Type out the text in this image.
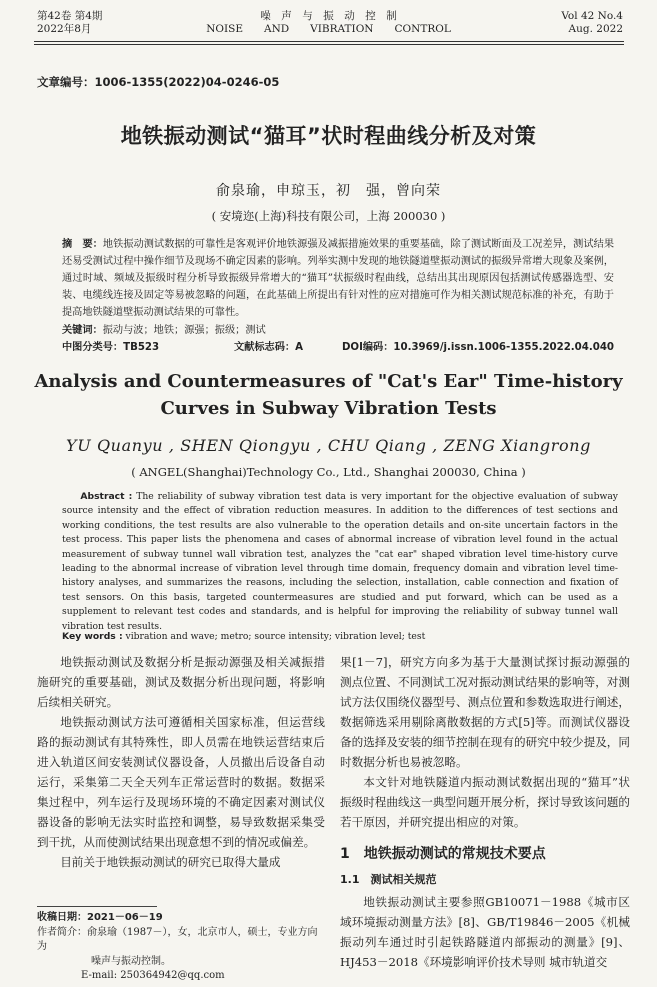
第42卷 第4期
2022年8月
噪　声　与　振　动　控　制
NOISE　　AND　　VIBRATION　　CONTROL
Vol 42 No.4
Aug. 2022
文章编号：1006-1355(2022)04-0246-05
地铁振动测试“猫耳”状时程曲线分析及对策
俞泉瑜，申琼玉，初　强，曾向荣
( 安境迩(上海)科技有限公司，上海 200030 )
摘　要：地铁振动测试数据的可靠性是客观评价地铁源强及减振措施效果的重要基础，除了测试断面及工况差异，测试结果还易受测试过程中操作细节及现场不确定因素的影响。列举实测中发现的地铁隧道壁振动测试的振级异常增大现象及案例，通过时域、频域及振级时程分析导致振级异常增大的“猫耳”状振级时程曲线，总结出其出现原因包括测试传感器选型、安装、电缆线连接及固定等易被忽略的问题，在此基础上所提出有针对性的应对措施可作为相关测试规范标准的补充，有助于提高地铁隧道壁振动测试结果的可靠性。
关键词：振动与波；地铁；源强；振级；测试
中图分类号：TB523	文献标志码：A	DOI编码：10.3969/j.issn.1006-1355.2022.04.040
Analysis and Countermeasures of "Cat's Ear" Time-history
Curves in Subway Vibration Tests
YU Quanyu , SHEN Qiongyu , CHU Qiang , ZENG Xiangrong
( ANGEL(Shanghai)Technology Co., Ltd., Shanghai 200030, China )
Abstract : The reliability of subway vibration test data is very important for the objective evaluation of subway source intensity and the effect of vibration reduction measures. In addition to the differences of test sections and working conditions, the test results are also vulnerable to the operation details and on-site uncertain factors in the test process. This paper lists the phenomena and cases of abnormal increase of vibration level found in the actual measurement of subway tunnel wall vibration test, analyzes the "cat ear" shaped vibration level time-history curve leading to the abnormal increase of vibration level through time domain, frequency domain and vibration level time-history analyses, and summarizes the reasons, including the selection, installation, cable connection and fixation of test sensors. On this basis, targeted countermeasures are studied and put forward, which can be used as a supplement to relevant test codes and standards, and is helpful for improving the reliability of subway tunnel wall vibration test results.
Key words : vibration and wave; metro; source intensity; vibration level; test

地铁振动测试及数据分析是振动源强及相关减振措施研究的重要基础，测试及数据分析出现问题，将影响后续相关研究。

地铁振动测试方法可遵循相关国家标准，但运营线路的振动测试有其特殊性，即人员需在地铁运营结束后进入轨道区间安装测试仪器设备，人员撤出后设备自动运行，采集第二天全天列车正常运营时的数据。数据采集过程中，列车运行及现场环境的不确定因素对测试仪器设备的影响无法实时监控和调整，易导致数据采集受到干扰，从而使测试结果出现意想不到的情况或偏差。

目前关于地铁振动测试的研究已取得大量成

果[1－7]，研究方向多为基于大量测试探讨振动源强的测点位置、不同测试工况对振动测试结果的影响等，对测试方法仅围绕仪器型号、测点位置和参数选取进行阐述，数据筛选采用剔除离散数据的方式[5]等。而测试仪器设备的选择及安装的细节控制在现有的研究中较少提及，同时数据分析也易被忽略。

本文针对地铁隧道内振动测试数据出现的“猫耳”状振级时程曲线这一典型问题开展分析，探讨导致该问题的若干原因，并研究提出相应的对策。

1　地铁振动测试的常规技术要点
1.1　测试相关规范

地铁振动测试主要参照GB10071－1988《城市区域环境振动测量方法》[8]、GB/T19846－2005《机械振动列车通过时引起铁路隧道内部振动的测量》[9]、HJ453－2018《环境影响评价技术导则 城市轨道交

收稿日期：2021－06－19
作者简介：俞泉瑜（1987－），女，北京市人，硕士，专业方向为
噪声与振动控制。
E-mail: 250364942@qq.com
